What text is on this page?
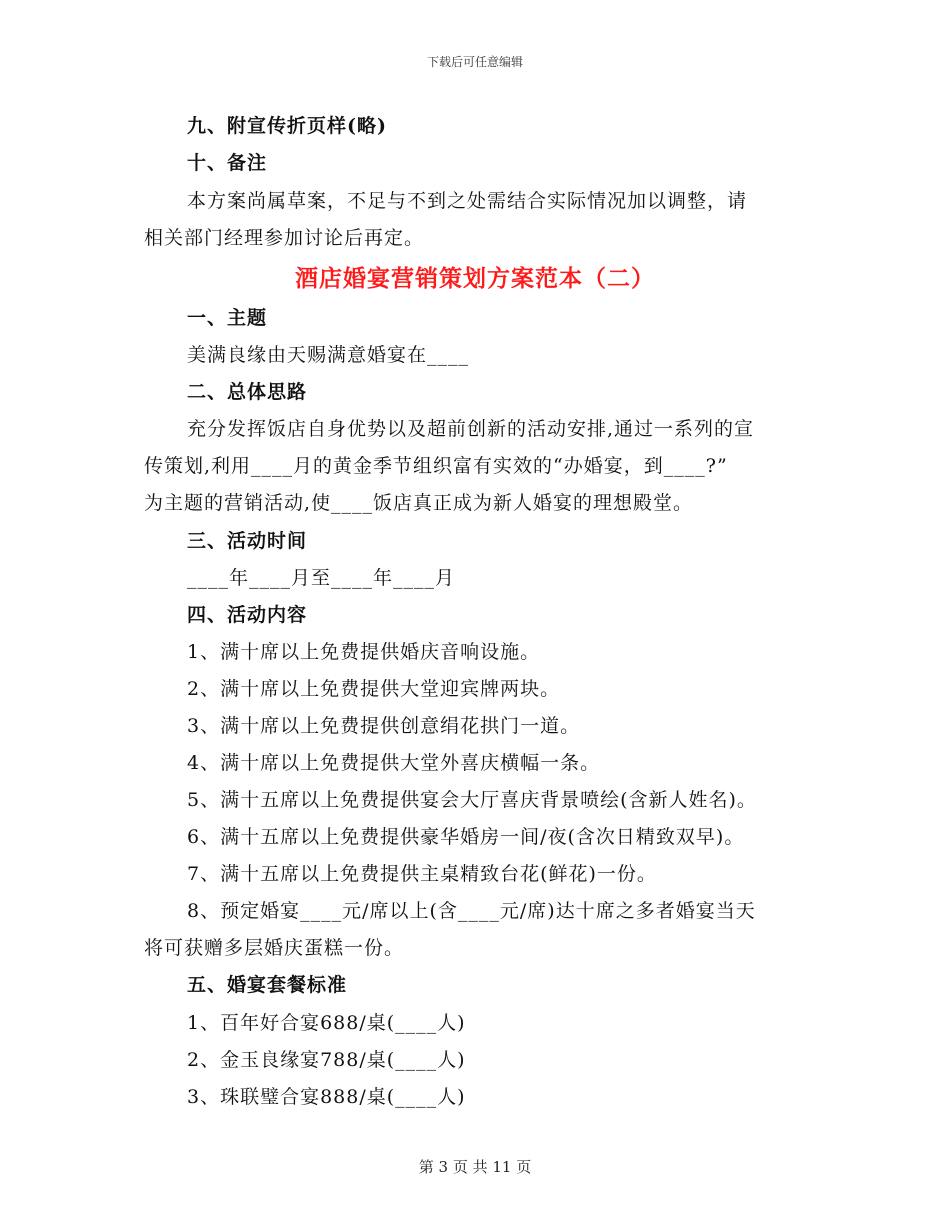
下载后可任意编辑
九、附宣传折页样(略)
十、备注
本方案尚属草案，不足与不到之处需结合实际情况加以调整，请
相关部门经理参加讨论后再定。
酒店婚宴营销策划方案范本（二）
一、主题
美满良缘由天赐满意婚宴在____
二、总体思路
充分发挥饭店自身优势以及超前创新的活动安排,通过一系列的宣
传策划,利用____月的黄金季节组织富有实效的“办婚宴，到____?”
为主题的营销活动,使____饭店真正成为新人婚宴的理想殿堂。
三、活动时间
____年____月至____年____月
四、活动内容
1、满十席以上免费提供婚庆音响设施。
2、满十席以上免费提供大堂迎宾牌两块。
3、满十席以上免费提供创意绢花拱门一道。
4、满十席以上免费提供大堂外喜庆横幅一条。
5、满十五席以上免费提供宴会大厅喜庆背景喷绘(含新人姓名)。
6、满十五席以上免费提供豪华婚房一间/夜(含次日精致双早)。
7、满十五席以上免费提供主桌精致台花(鲜花)一份。
8、预定婚宴____元/席以上(含____元/席)达十席之多者婚宴当天
将可获赠多层婚庆蛋糕一份。
五、婚宴套餐标准
1、百年好合宴688/桌(____人)
2、金玉良缘宴788/桌(____人)
3、珠联璧合宴888/桌(____人)
第 3 页 共 11 页
